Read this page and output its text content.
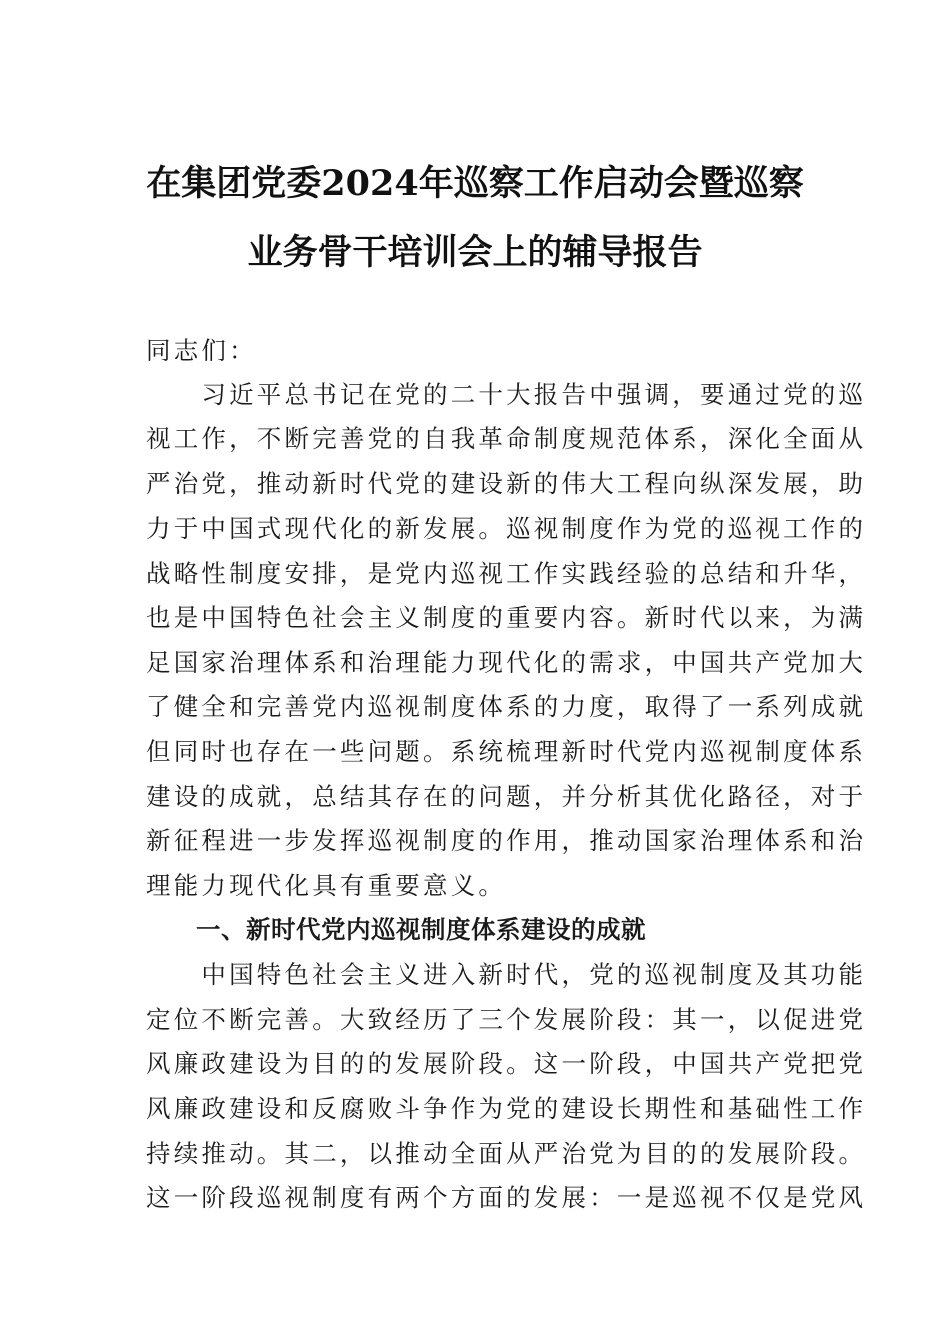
在集团党委2024年巡察工作启动会暨巡察
业务骨干培训会上的辅导报告
同志们：
　　习近平总书记在党的二十大报告中强调，要通过党的巡
视工作，不断完善党的自我革命制度规范体系，深化全面从
严治党，推动新时代党的建设新的伟大工程向纵深发展，助
力于中国式现代化的新发展。巡视制度作为党的巡视工作的
战略性制度安排，是党内巡视工作实践经验的总结和升华，
也是中国特色社会主义制度的重要内容。新时代以来，为满
足国家治理体系和治理能力现代化的需求，中国共产党加大
了健全和完善党内巡视制度体系的力度，取得了一系列成就
但同时也存在一些问题。系统梳理新时代党内巡视制度体系
建设的成就，总结其存在的问题，并分析其优化路径，对于
新征程进一步发挥巡视制度的作用，推动国家治理体系和治
理能力现代化具有重要意义。
　　一、新时代党内巡视制度体系建设的成就
　　中国特色社会主义进入新时代，党的巡视制度及其功能
定位不断完善。大致经历了三个发展阶段：其一，以促进党
风廉政建设为目的的发展阶段。这一阶段，中国共产党把党
风廉政建设和反腐败斗争作为党的建设长期性和基础性工作
持续推动。其二，以推动全面从严治党为目的的发展阶段。
这一阶段巡视制度有两个方面的发展：一是巡视不仅是党风
